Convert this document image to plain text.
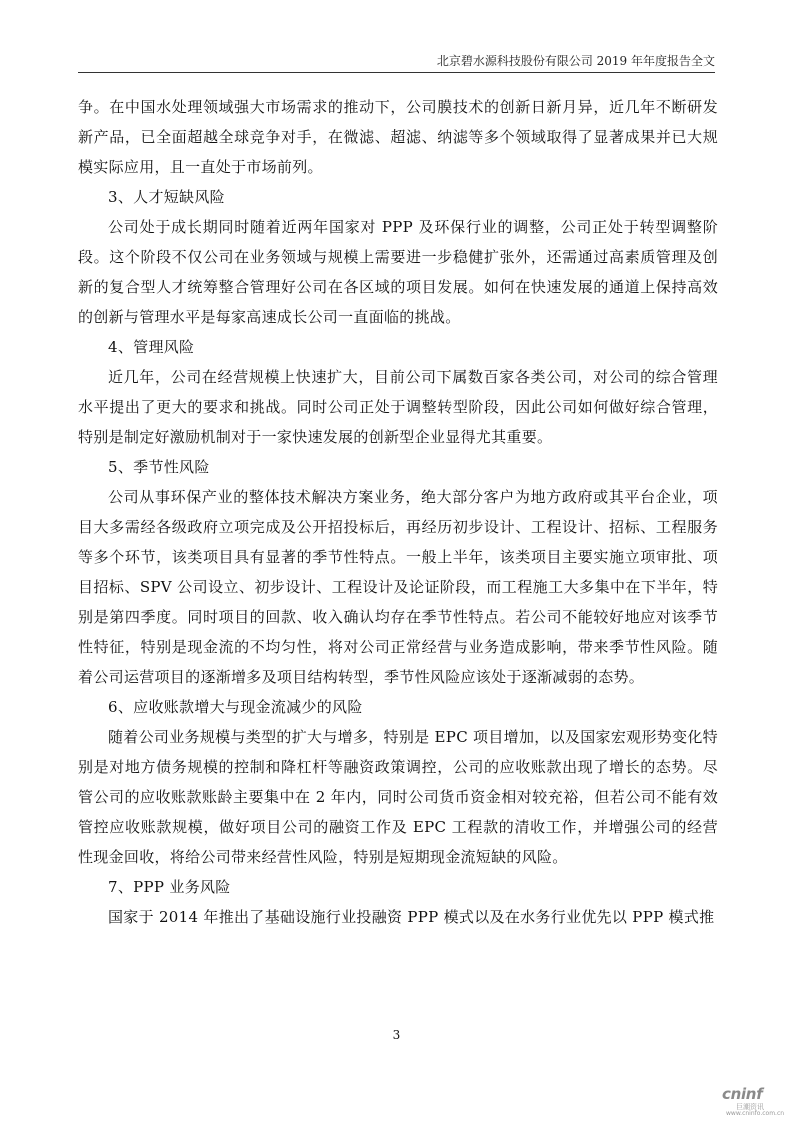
北京碧水源科技股份有限公司 2019 年年度报告全文

争。在中国水处理领域强大市场需求的推动下，公司膜技术的创新日新月异，近几年不断研发新产品，已全面超越全球竞争对手，在微滤、超滤、纳滤等多个领域取得了显著成果并已大规模实际应用，且一直处于市场前列。

3、人才短缺风险

公司处于成长期同时随着近两年国家对 PPP 及环保行业的调整，公司正处于转型调整阶段。这个阶段不仅公司在业务领域与规模上需要进一步稳健扩张外，还需通过高素质管理及创新的复合型人才统筹整合管理好公司在各区域的项目发展。如何在快速发展的通道上保持高效的创新与管理水平是每家高速成长公司一直面临的挑战。

4、管理风险

近几年，公司在经营规模上快速扩大，目前公司下属数百家各类公司，对公司的综合管理水平提出了更大的要求和挑战。同时公司正处于调整转型阶段，因此公司如何做好综合管理，特别是制定好激励机制对于一家快速发展的创新型企业显得尤其重要。

5、季节性风险

公司从事环保产业的整体技术解决方案业务，绝大部分客户为地方政府或其平台企业，项目大多需经各级政府立项完成及公开招投标后，再经历初步设计、工程设计、招标、工程服务等多个环节，该类项目具有显著的季节性特点。一般上半年，该类项目主要实施立项审批、项目招标、SPV 公司设立、初步设计、工程设计及论证阶段，而工程施工大多集中在下半年，特别是第四季度。同时项目的回款、收入确认均存在季节性特点。若公司不能较好地应对该季节性特征，特别是现金流的不均匀性，将对公司正常经营与业务造成影响，带来季节性风险。随着公司运营项目的逐渐增多及项目结构转型，季节性风险应该处于逐渐减弱的态势。

6、应收账款增大与现金流减少的风险

随着公司业务规模与类型的扩大与增多，特别是 EPC 项目增加，以及国家宏观形势变化特别是对地方债务规模的控制和降杠杆等融资政策调控，公司的应收账款出现了增长的态势。尽管公司的应收账款账龄主要集中在 2 年内，同时公司货币资金相对较充裕，但若公司不能有效管控应收账款规模，做好项目公司的融资工作及 EPC 工程款的清收工作，并增强公司的经营性现金回收，将给公司带来经营性风险，特别是短期现金流短缺的风险。

7、PPP 业务风险

国家于 2014 年推出了基础设施行业投融资 PPP 模式以及在水务行业优先以 PPP 模式推

3
cninf
巨潮资讯
www.cninfo.com.cn
